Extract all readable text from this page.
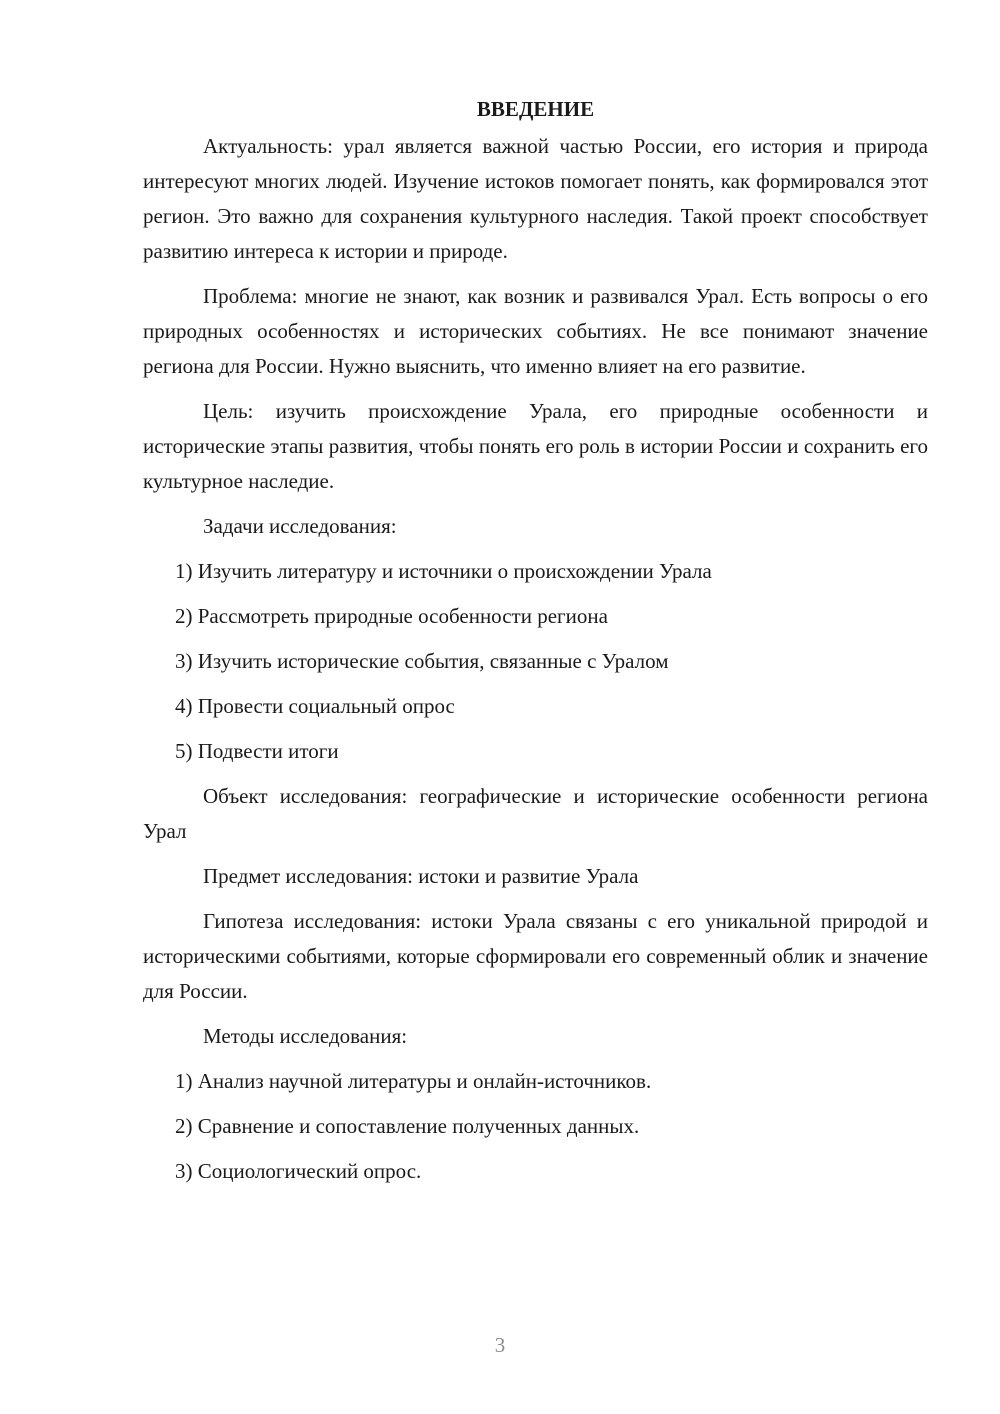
ВВЕДЕНИЕ
Актуальность: урал является важной частью России, его история и природа интересуют многих людей. Изучение истоков помогает понять, как формировался этот регион. Это важно для сохранения культурного наследия. Такой проект способствует развитию интереса к истории и природе.
Проблема: многие не знают, как возник и развивался Урал. Есть вопросы о его природных особенностях и исторических событиях. Не все понимают значение региона для России. Нужно выяснить, что именно влияет на его развитие.
Цель: изучить происхождение Урала, его природные особенности и исторические этапы развития, чтобы понять его роль в истории России и сохранить его культурное наследие.
Задачи исследования:
1) Изучить литературу и источники о происхождении Урала
2) Рассмотреть природные особенности региона
3) Изучить исторические события, связанные с Уралом
4) Провести социальный опрос
5) Подвести итоги
Объект исследования: географические и исторические особенности региона Урал
Предмет исследования: истоки и развитие Урала
Гипотеза исследования: истоки Урала связаны с его уникальной природой и историческими событиями, которые сформировали его современный облик и значение для России.
Методы исследования:
1) Анализ научной литературы и онлайн-источников.
2) Сравнение и сопоставление полученных данных.
3) Социологический опрос.
3
